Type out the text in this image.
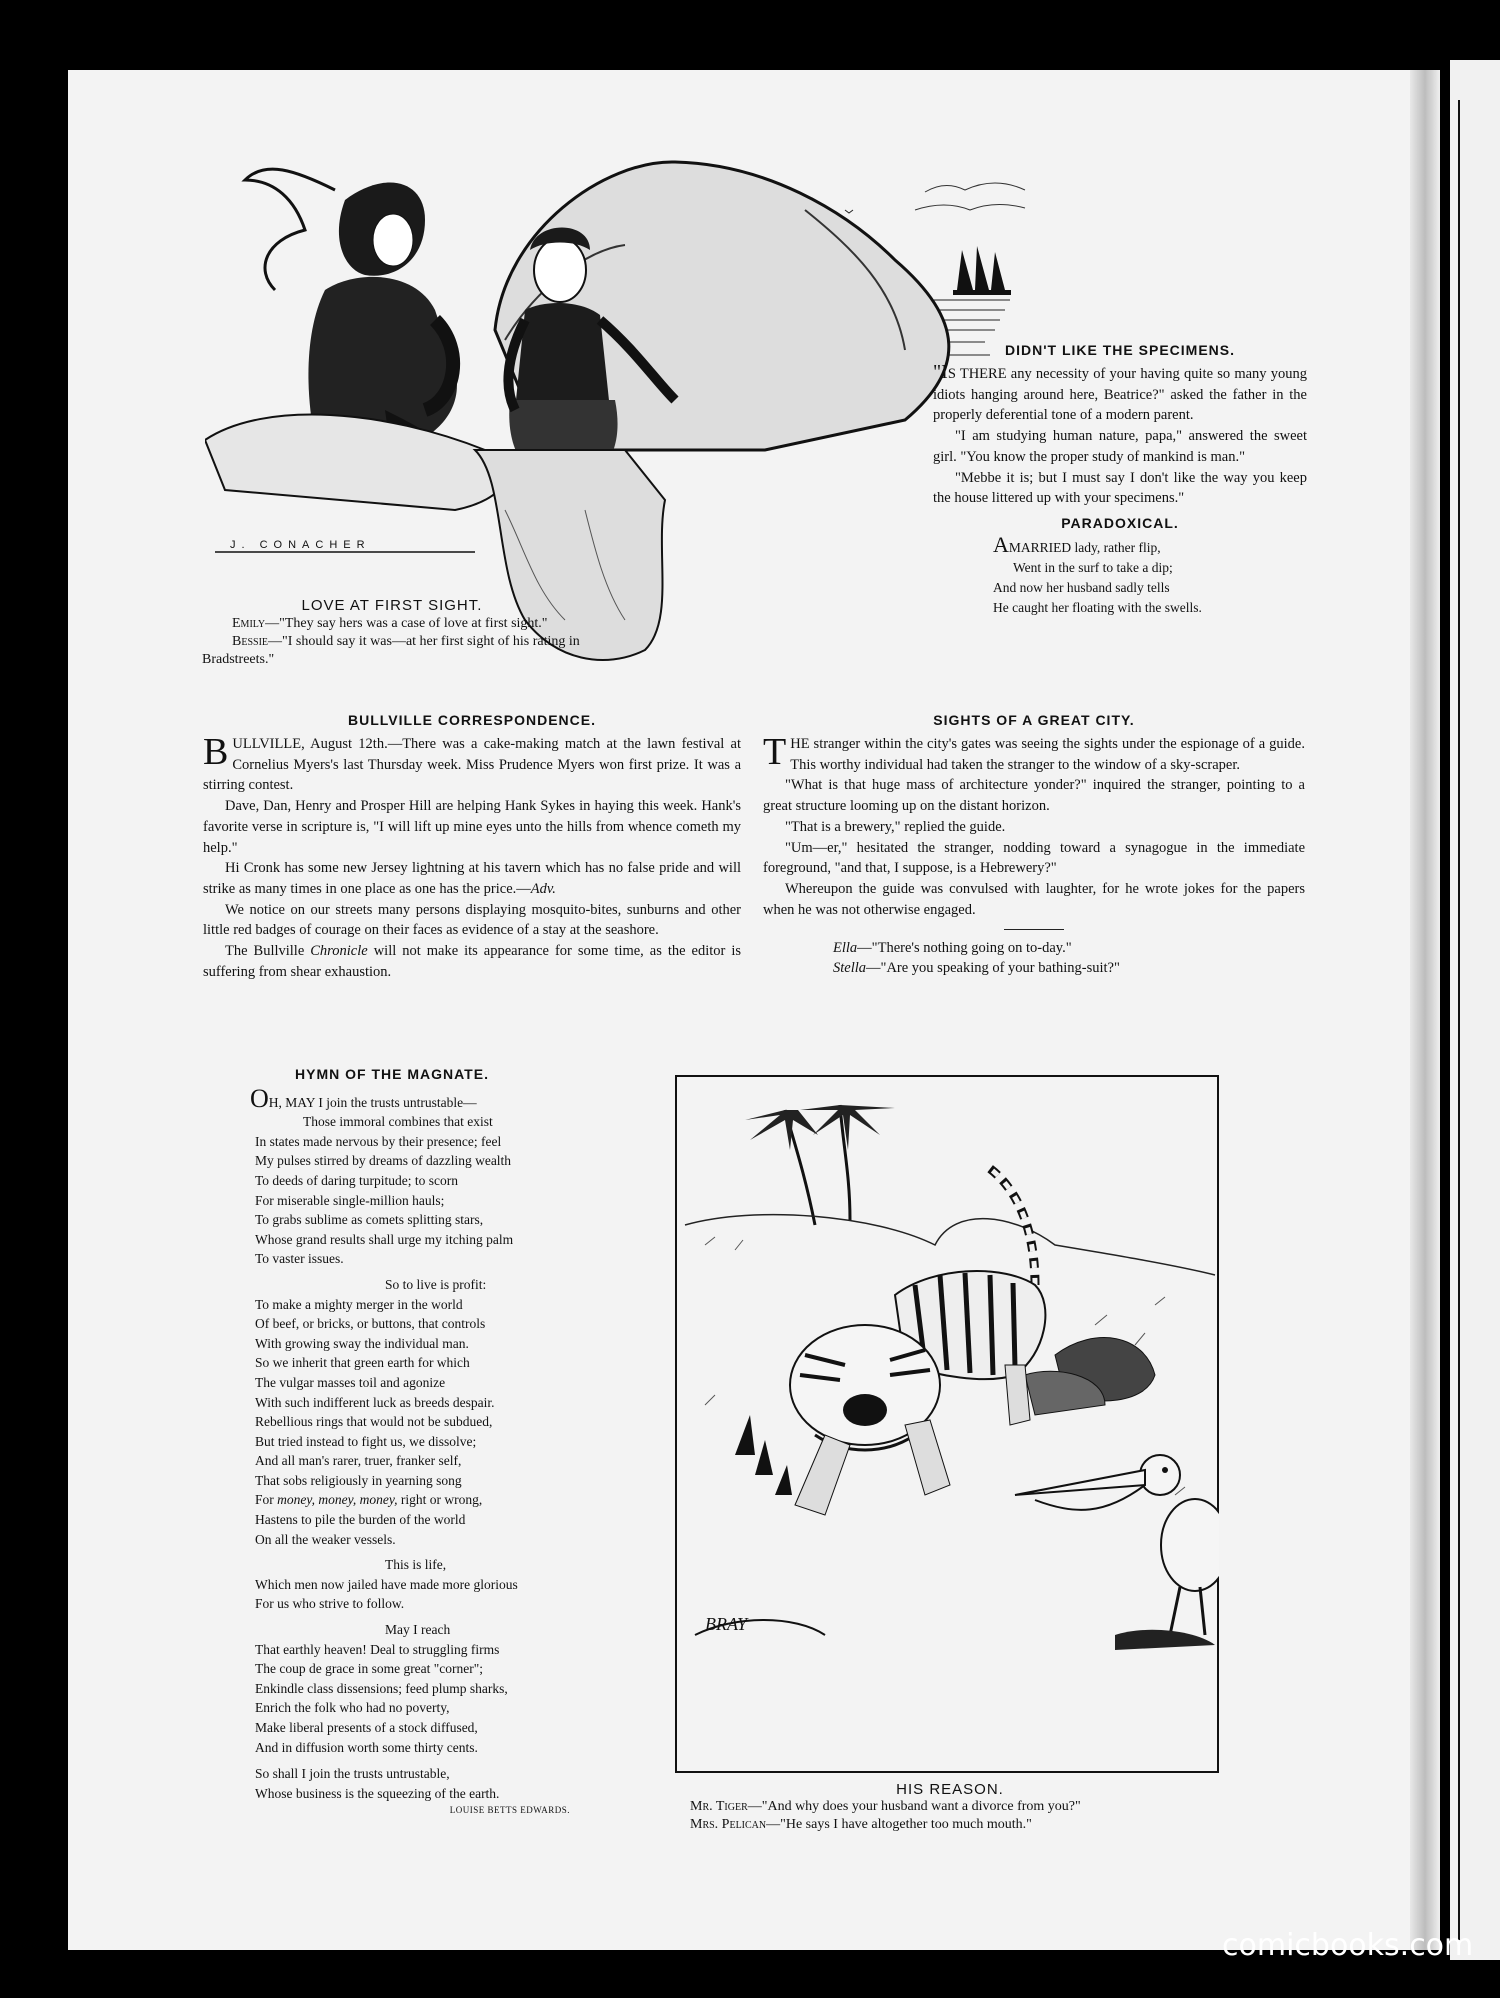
J. CONACHER
LOVE AT FIRST SIGHT.
Emily—"They say hers was a case of love at first sight."
Bessie—"I should say it was—at her first sight of his rating in Bradstreets."
DIDN'T LIKE THE SPECIMENS.

"IS THERE any necessity of your having quite so many young idiots hanging around here, Beatrice?" asked the father in the properly deferential tone of a modern parent.

"I am studying human nature, papa," answered the sweet girl. "You know the proper study of mankind is man."

"Mebbe it is; but I must say I don't like the way you keep the house littered up with your specimens."

PARADOXICAL.
AMARRIED lady, rather flip,
Went in the surf to take a dip;
And now her husband sadly tells
He caught her floating with the swells.
BULLVILLE CORRESPONDENCE.

BULLVILLE, August 12th.—There was a cake-making match at the lawn festival at Cornelius Myers's last Thursday week. Miss Prudence Myers won first prize. It was a stirring contest.

Dave, Dan, Henry and Prosper Hill are helping Hank Sykes in haying this week. Hank's favorite verse in scripture is, "I will lift up mine eyes unto the hills from whence cometh my help."

Hi Cronk has some new Jersey lightning at his tavern which has no false pride and will strike as many times in one place as one has the price.—Adv.

We notice on our streets many persons displaying mosquito-bites, sunburns and other little red badges of courage on their faces as evidence of a stay at the seashore.

The Bullville Chronicle will not make its appearance for some time, as the editor is suffering from shear exhaustion.

SIGHTS OF A GREAT CITY.

THE stranger within the city's gates was seeing the sights under the espionage of a guide. This worthy individual had taken the stranger to the window of a sky-scraper.

"What is that huge mass of architecture yonder?" inquired the stranger, pointing to a great structure looming up on the distant horizon.

"That is a brewery," replied the guide.

"Um—er," hesitated the stranger, nodding toward a synagogue in the immediate foreground, "and that, I suppose, is a Hebrewery?"

Whereupon the guide was convulsed with laughter, for he wrote jokes for the papers when he was not otherwise engaged.

Ella—"There's nothing going on to-day."
Stella—"Are you speaking of your bathing-suit?"
HYMN OF THE MAGNATE.
OH, MAY I join the trusts untrustable—
Those immoral combines that exist
In states made nervous by their presence; feel
My pulses stirred by dreams of dazzling wealth
To deeds of daring turpitude; to scorn
For miserable single-million hauls;
To grabs sublime as comets splitting stars,
Whose grand results shall urge my itching palm
To vaster issues.
So to live is profit:
To make a mighty merger in the world
Of beef, or bricks, or buttons, that controls
With growing sway the individual man.
So we inherit that green earth for which
The vulgar masses toil and agonize
With such indifferent luck as breeds despair.
Rebellious rings that would not be subdued,
But tried instead to fight us, we dissolve;
And all man's rarer, truer, franker self,
That sobs religiously in yearning song
For money, money, money, right or wrong,
Hastens to pile the burden of the world
On all the weaker vessels.
This is life,
Which men now jailed have made more glorious
For us who strive to follow.
May I reach
That earthly heaven! Deal to struggling firms
The coup de grace in some great "corner";
Enkindle class dissensions; feed plump sharks,
Enrich the folk who had no poverty,
Make liberal presents of a stock diffused,
And in diffusion worth some thirty cents.
So shall I join the trusts untrustable,
Whose business is the squeezing of the earth.
LOUISE BETTS EDWARDS.
BRAY
HIS REASON.
Mr. Tiger—"And why does your husband want a divorce from you?"
Mrs. Pelican—"He says I have altogether too much mouth."
comicbooks.com
